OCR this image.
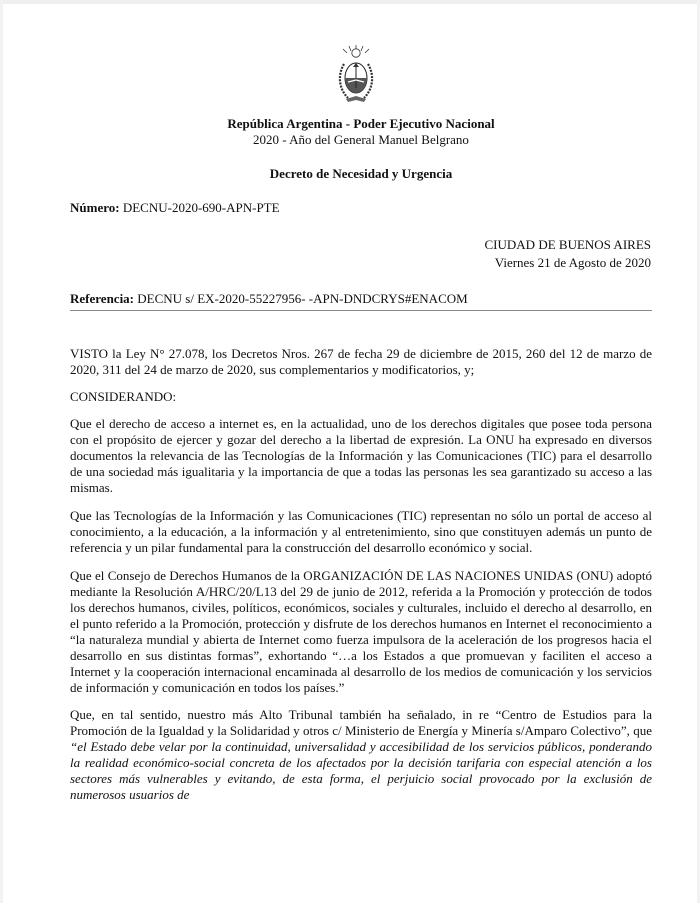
República Argentina - Poder Ejecutivo Nacional
2020 - Año del General Manuel Belgrano
Decreto de Necesidad y Urgencia
Número: DECNU-2020-690-APN-PTE
CIUDAD DE BUENOS AIRES
Viernes 21 de Agosto de 2020
Referencia: DECNU s/ EX-2020-55227956- -APN-DNDCRYS#ENACOM

VISTO la Ley N° 27.078, los Decretos Nros. 267 de fecha 29 de diciembre de 2015, 260 del 12 de marzo de 2020, 311 del 24 de marzo de 2020, sus complementarios y modificatorios, y;

CONSIDERANDO:

Que el derecho de acceso a internet es, en la actualidad, uno de los derechos digitales que posee toda persona con el propósito de ejercer y gozar del derecho a la libertad de expresión. La ONU ha expresado en diversos documentos la relevancia de las Tecnologías de la Información y las Comunicaciones (TIC) para el desarrollo de una sociedad más igualitaria y la importancia de que a todas las personas les sea garantizado su acceso a las mismas.

Que las Tecnologías de la Información y las Comunicaciones (TIC) representan no sólo un portal de acceso al conocimiento, a la educación, a la información y al entretenimiento, sino que constituyen además un punto de referencia y un pilar fundamental para la construcción del desarrollo económico y social.

Que el Consejo de Derechos Humanos de la ORGANIZACIÓN DE LAS NACIONES UNIDAS (ONU) adoptó mediante la Resolución A/HRC/20/L13 del 29 de junio de 2012, referida a la Promoción y protección de todos los derechos humanos, civiles, políticos, económicos, sociales y culturales, incluido el derecho al desarrollo, en el punto referido a la Promoción, protección y disfrute de los derechos humanos en Internet el reconocimiento a “la naturaleza mundial y abierta de Internet como fuerza impulsora de la aceleración de los progresos hacia el desarrollo en sus distintas formas”, exhortando “…a los Estados a que promuevan y faciliten el acceso a Internet y la cooperación internacional encaminada al desarrollo de los medios de comunicación y los servicios de información y comunicación en todos los países.”

Que, en tal sentido, nuestro más Alto Tribunal también ha señalado, in re “Centro de Estudios para la Promoción de la Igualdad y la Solidaridad y otros c/ Ministerio de Energía y Minería s/Amparo Colectivo”, que “el Estado debe velar por la continuidad, universalidad y accesibilidad de los servicios públicos, ponderando la realidad económico-social concreta de los afectados por la decisión tarifaria con especial atención a los sectores más vulnerables y evitando, de esta forma, el perjuicio social provocado por la exclusión de numerosos usuarios de
